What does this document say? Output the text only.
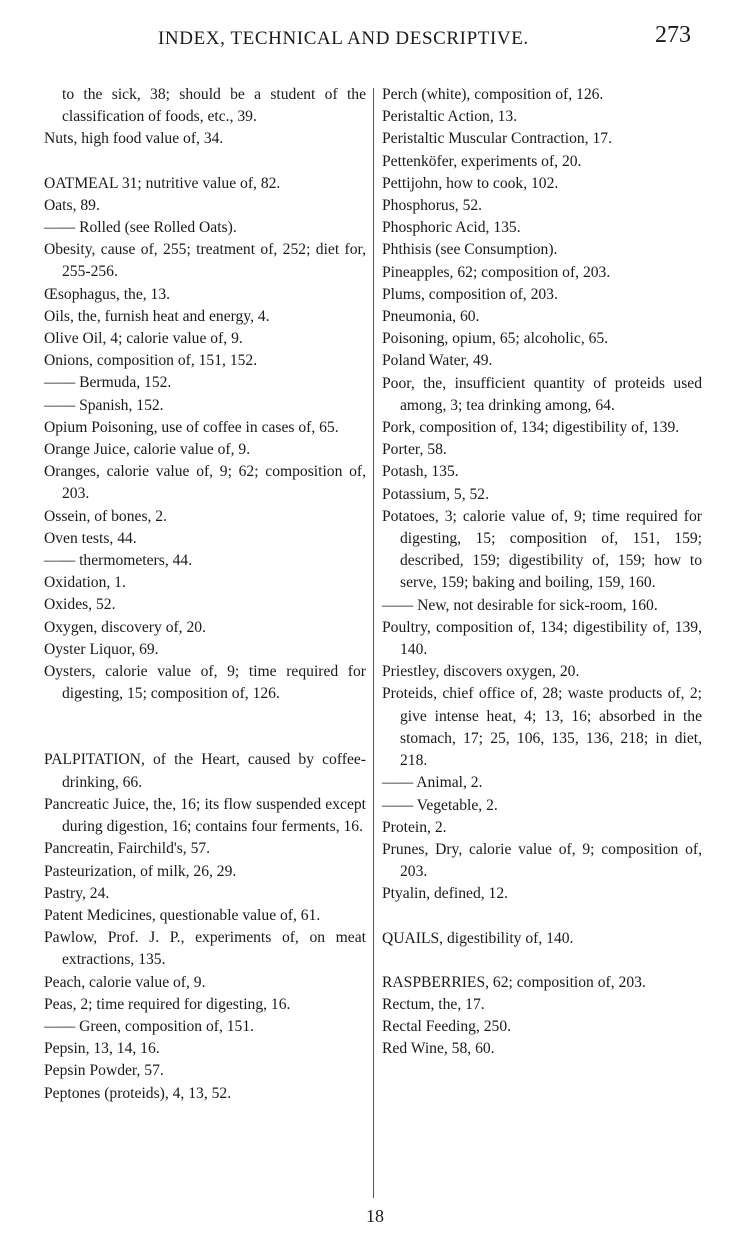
INDEX, TECHNICAL AND DESCRIPTIVE.	273
to the sick, 38; should be a student of the classification of foods, etc., 39.
Nuts, high food value of, 34.
OATMEAL 31; nutritive value of, 82.
Oats, 89.
—— Rolled (see Rolled Oats).
Obesity, cause of, 255; treatment of, 252; diet for, 255-256.
Œsophagus, the, 13.
Oils, the, furnish heat and energy, 4.
Olive Oil, 4; calorie value of, 9.
Onions, composition of, 151, 152.
—— Bermuda, 152.
—— Spanish, 152.
Opium Poisoning, use of coffee in cases of, 65.
Orange Juice, calorie value of, 9.
Oranges, calorie value of, 9; 62; composition of, 203.
Ossein, of bones, 2.
Oven tests, 44.
—— thermometers, 44.
Oxidation, 1.
Oxides, 52.
Oxygen, discovery of, 20.
Oyster Liquor, 69.
Oysters, calorie value of, 9; time required for digesting, 15; composition of, 126.
PALPITATION, of the Heart, caused by coffee-drinking, 66.
Pancreatic Juice, the, 16; its flow suspended except during digestion, 16; contains four ferments, 16.
Pancreatin, Fairchild's, 57.
Pasteurization, of milk, 26, 29.
Pastry, 24.
Patent Medicines, questionable value of, 61.
Pawlow, Prof. J. P., experiments of, on meat extractions, 135.
Peach, calorie value of, 9.
Peas, 2; time required for digesting, 16.
—— Green, composition of, 151.
Pepsin, 13, 14, 16.
Pepsin Powder, 57.
Peptones (proteids), 4, 13, 52.
Perch (white), composition of, 126.
Peristaltic Action, 13.
Peristaltic Muscular Contraction, 17.
Pettenköfer, experiments of, 20.
Pettijohn, how to cook, 102.
Phosphorus, 52.
Phosphoric Acid, 135.
Phthisis (see Consumption).
Pineapples, 62; composition of, 203.
Plums, composition of, 203.
Pneumonia, 60.
Poisoning, opium, 65; alcoholic, 65.
Poland Water, 49.
Poor, the, insufficient quantity of proteids used among, 3; tea drinking among, 64.
Pork, composition of, 134; digestibility of, 139.
Porter, 58.
Potash, 135.
Potassium, 5, 52.
Potatoes, 3; calorie value of, 9; time required for digesting, 15; composition of, 151, 159; described, 159; digestibility of, 159; how to serve, 159; baking and boiling, 159, 160.
—— New, not desirable for sick-room, 160.
Poultry, composition of, 134; digestibility of, 139, 140.
Priestley, discovers oxygen, 20.
Proteids, chief office of, 28; waste products of, 2; give intense heat, 4; 13, 16; absorbed in the stomach, 17; 25, 106, 135, 136, 218; in diet, 218.
—— Animal, 2.
—— Vegetable, 2.
Protein, 2.
Prunes, Dry, calorie value of, 9; composition of, 203.
Ptyalin, defined, 12.
QUAILS, digestibility of, 140.
RASPBERRIES, 62; composition of, 203.
Rectum, the, 17.
Rectal Feeding, 250.
Red Wine, 58, 60.
18
